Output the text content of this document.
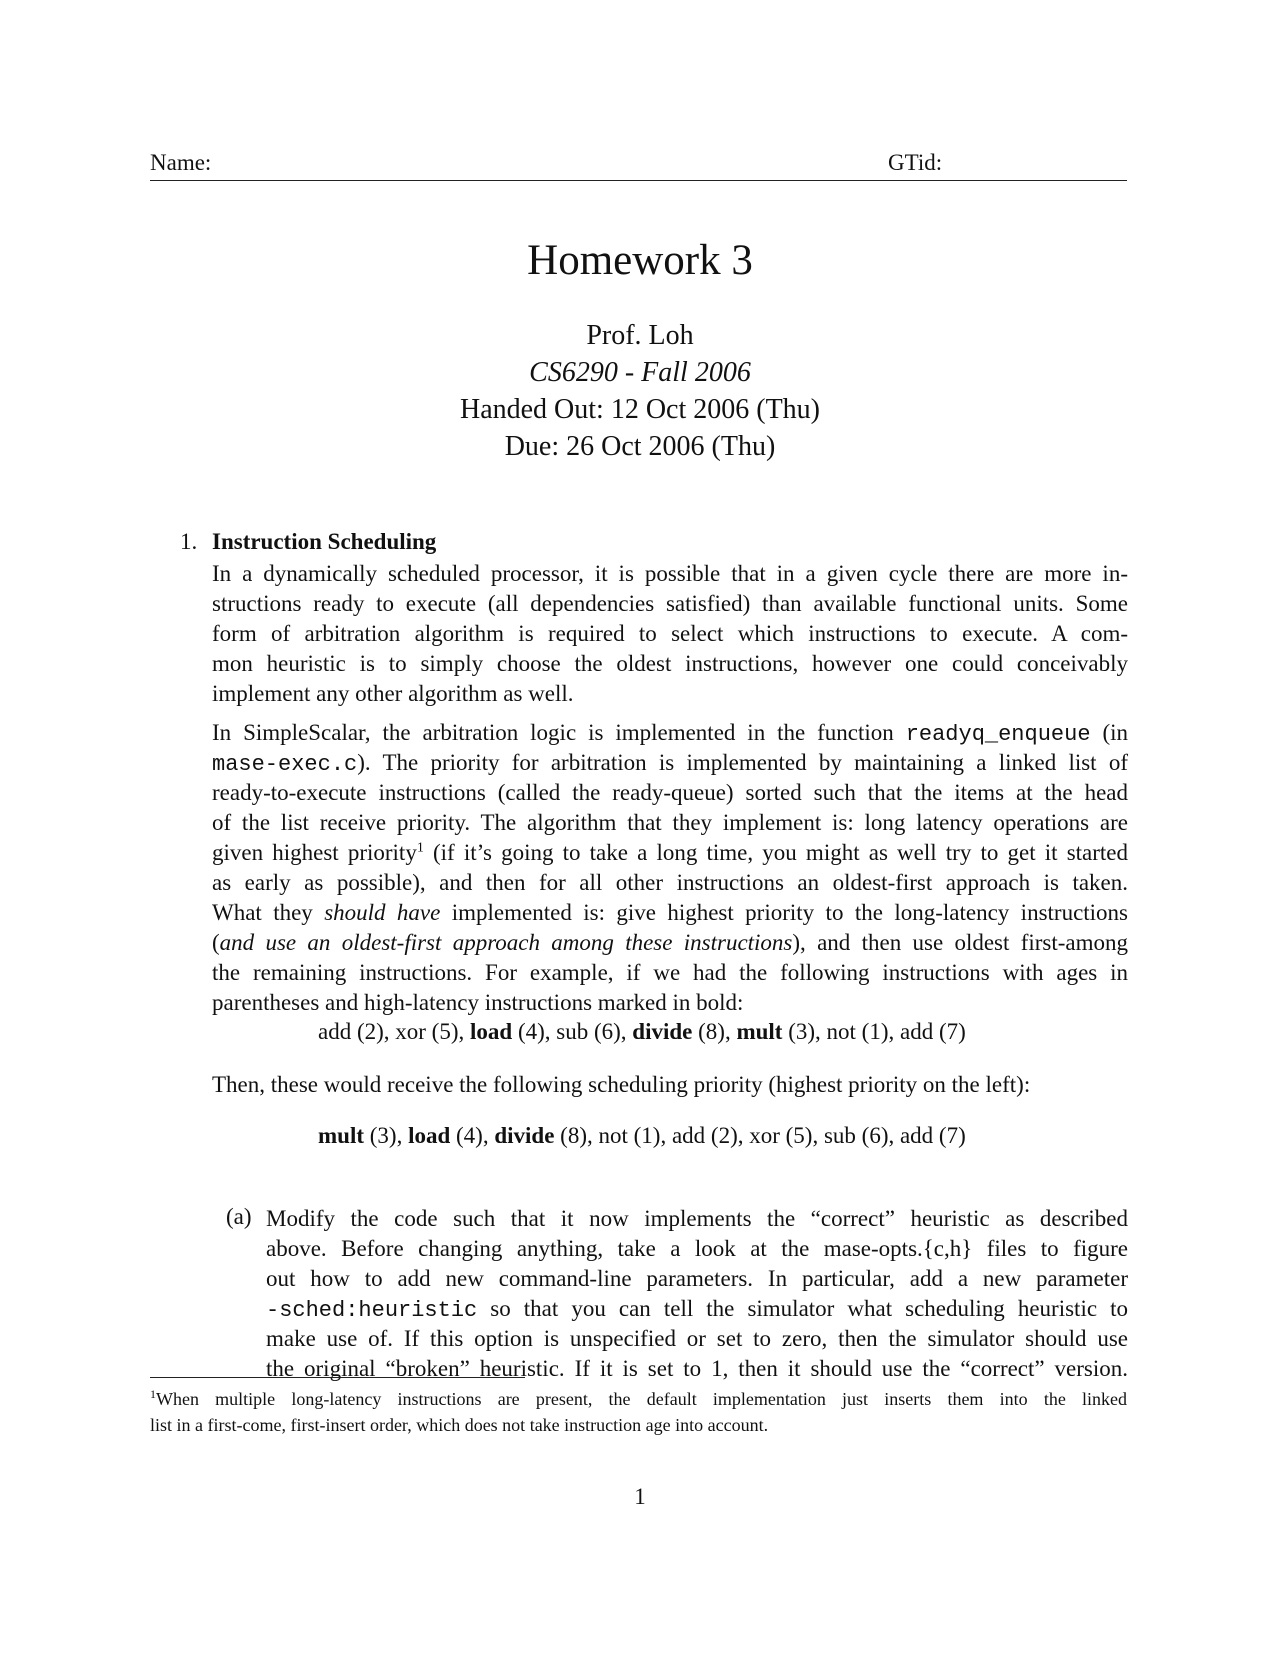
Name:	GTid:
Homework 3
Prof. Loh
CS6290 - Fall 2006
Handed Out: 12 Oct 2006 (Thu)
Due: 26 Oct 2006 (Thu)
1. Instruction Scheduling
In a dynamically scheduled processor, it is possible that in a given cycle there are more in-
structions ready to execute (all dependencies satisfied) than available functional units. Some
form of arbitration algorithm is required to select which instructions to execute. A com-
mon heuristic is to simply choose the oldest instructions, however one could conceivably
implement any other algorithm as well.
In SimpleScalar, the arbitration logic is implemented in the function readyq_enqueue (in
mase-exec.c). The priority for arbitration is implemented by maintaining a linked list of
ready-to-execute instructions (called the ready-queue) sorted such that the items at the head
of the list receive priority. The algorithm that they implement is: long latency operations are
given highest priority$^1$ (if it’s going to take a long time, you might as well try to get it started
as early as possible), and then for all other instructions an oldest-first approach is taken.
What they should have implemented is: give highest priority to the long-latency instructions
(and use an oldest-first approach among these instructions), and then use oldest first-among
the remaining instructions. For example, if we had the following instructions with ages in
parentheses and high-latency instructions marked in bold:
add (2), xor (5), load (4), sub (6), divide (8), mult (3), not (1), add (7)
Then, these would receive the following scheduling priority (highest priority on the left):
mult (3), load (4), divide (8), not (1), add (2), xor (5), sub (6), add (7)
(a) Modify the code such that it now implements the “correct” heuristic as described
above. Before changing anything, take a look at the mase-opts.{c,h} files to figure
out how to add new command-line parameters. In particular, add a new parameter
-sched:heuristic so that you can tell the simulator what scheduling heuristic to
make use of. If this option is unspecified or set to zero, then the simulator should use
the original “broken” heuristic. If it is set to 1, then it should use the “correct” version.
$^1$When multiple long-latency instructions are present, the default implementation just inserts them into the linked
list in a first-come, first-insert order, which does not take instruction age into account.
1
